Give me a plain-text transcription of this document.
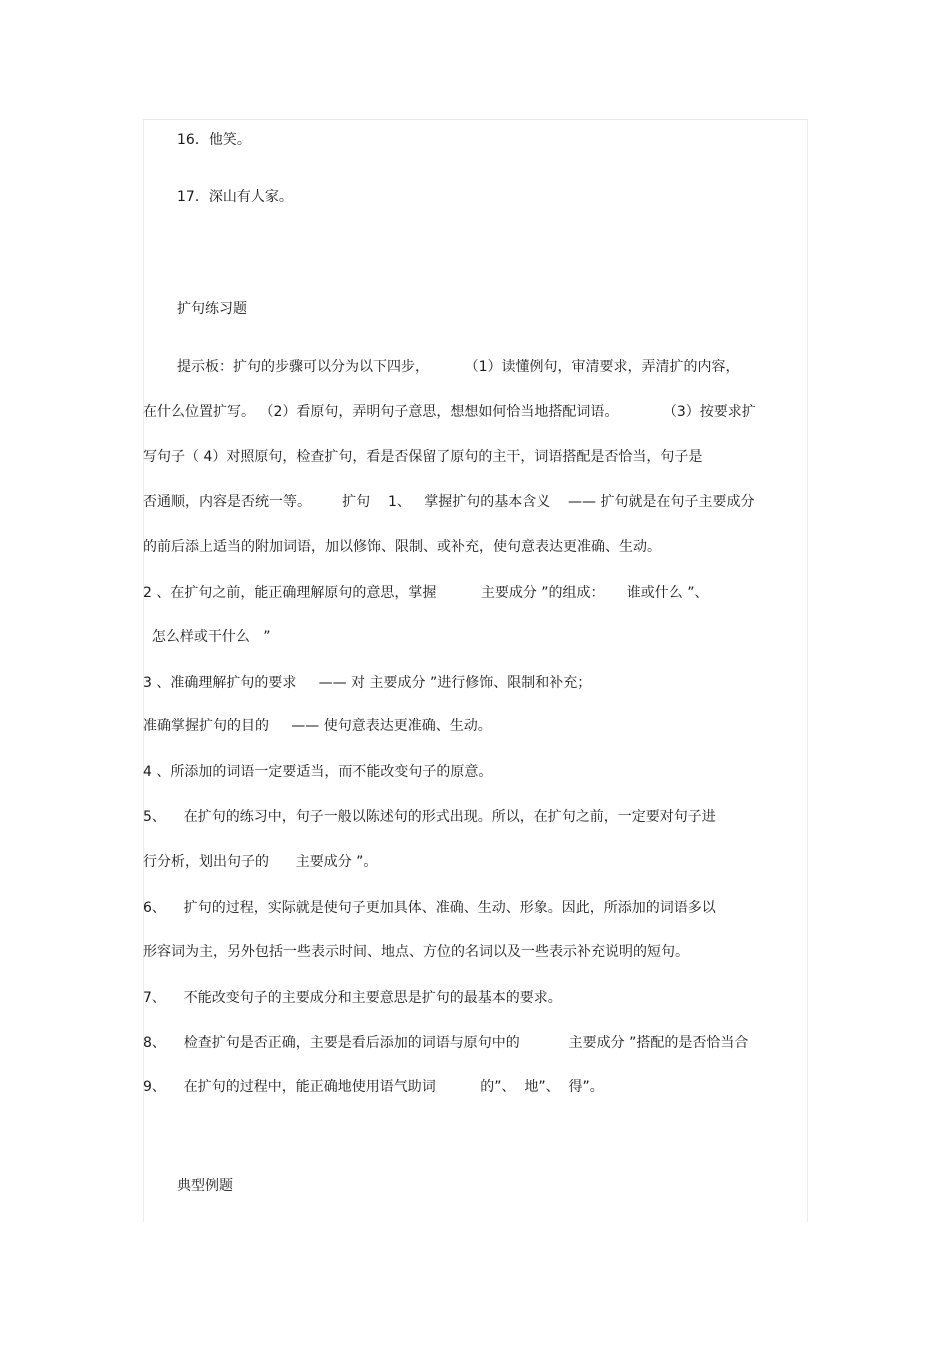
16．他笑。
17．深山有人家。
扩句练习题
提示板：扩句的步骤可以分为以下四步，        （1）读懂例句，审清要求，弄清扩的内容，
在什么位置扩写。 （2）看原句，弄明句子意思，想想如何恰当地搭配词语。          （3）按要求扩
写句子（ 4）对照原句，检查扩句，看是否保留了原句的主干，词语搭配是否恰当，句子是
否通顺，内容是否统一等。       扩句    1、   掌握扩句的基本含义    —— 扩句就是在句子主要成分
的前后添上适当的附加词语，加以修饰、限制、或补充，使句意表达更准确、生动。
2 、在扩句之前，能正确理解原句的意思，掌握          主要成分 ”的组成：     谁或什么 ”、
怎么样或干什么   ”
3 、准确理解扩句的要求     —— 对 主要成分 ”进行修饰、限制和补充；
准确掌握扩句的目的     —— 使句意表达更准确、生动。
4 、所添加的词语一定要适当，而不能改变句子的原意。
5、    在扩句的练习中，句子一般以陈述句的形式出现。所以，在扩句之前，一定要对句子进
行分析，划出句子的      主要成分 ”。
6、    扩句的过程，实际就是使句子更加具体、准确、生动、形象。因此，所添加的词语多以
形容词为主，另外包括一些表示时间、地点、方位的名词以及一些表示补充说明的短句。
7、    不能改变句子的主要成分和主要意思是扩句的最基本的要求。
8、    检查扩句是否正确，主要是看后添加的词语与原句中的           主要成分 ”搭配的是否恰当合
9、    在扩句的过程中，能正确地使用语气助词          的”、  地”、  得”。
典型例题
